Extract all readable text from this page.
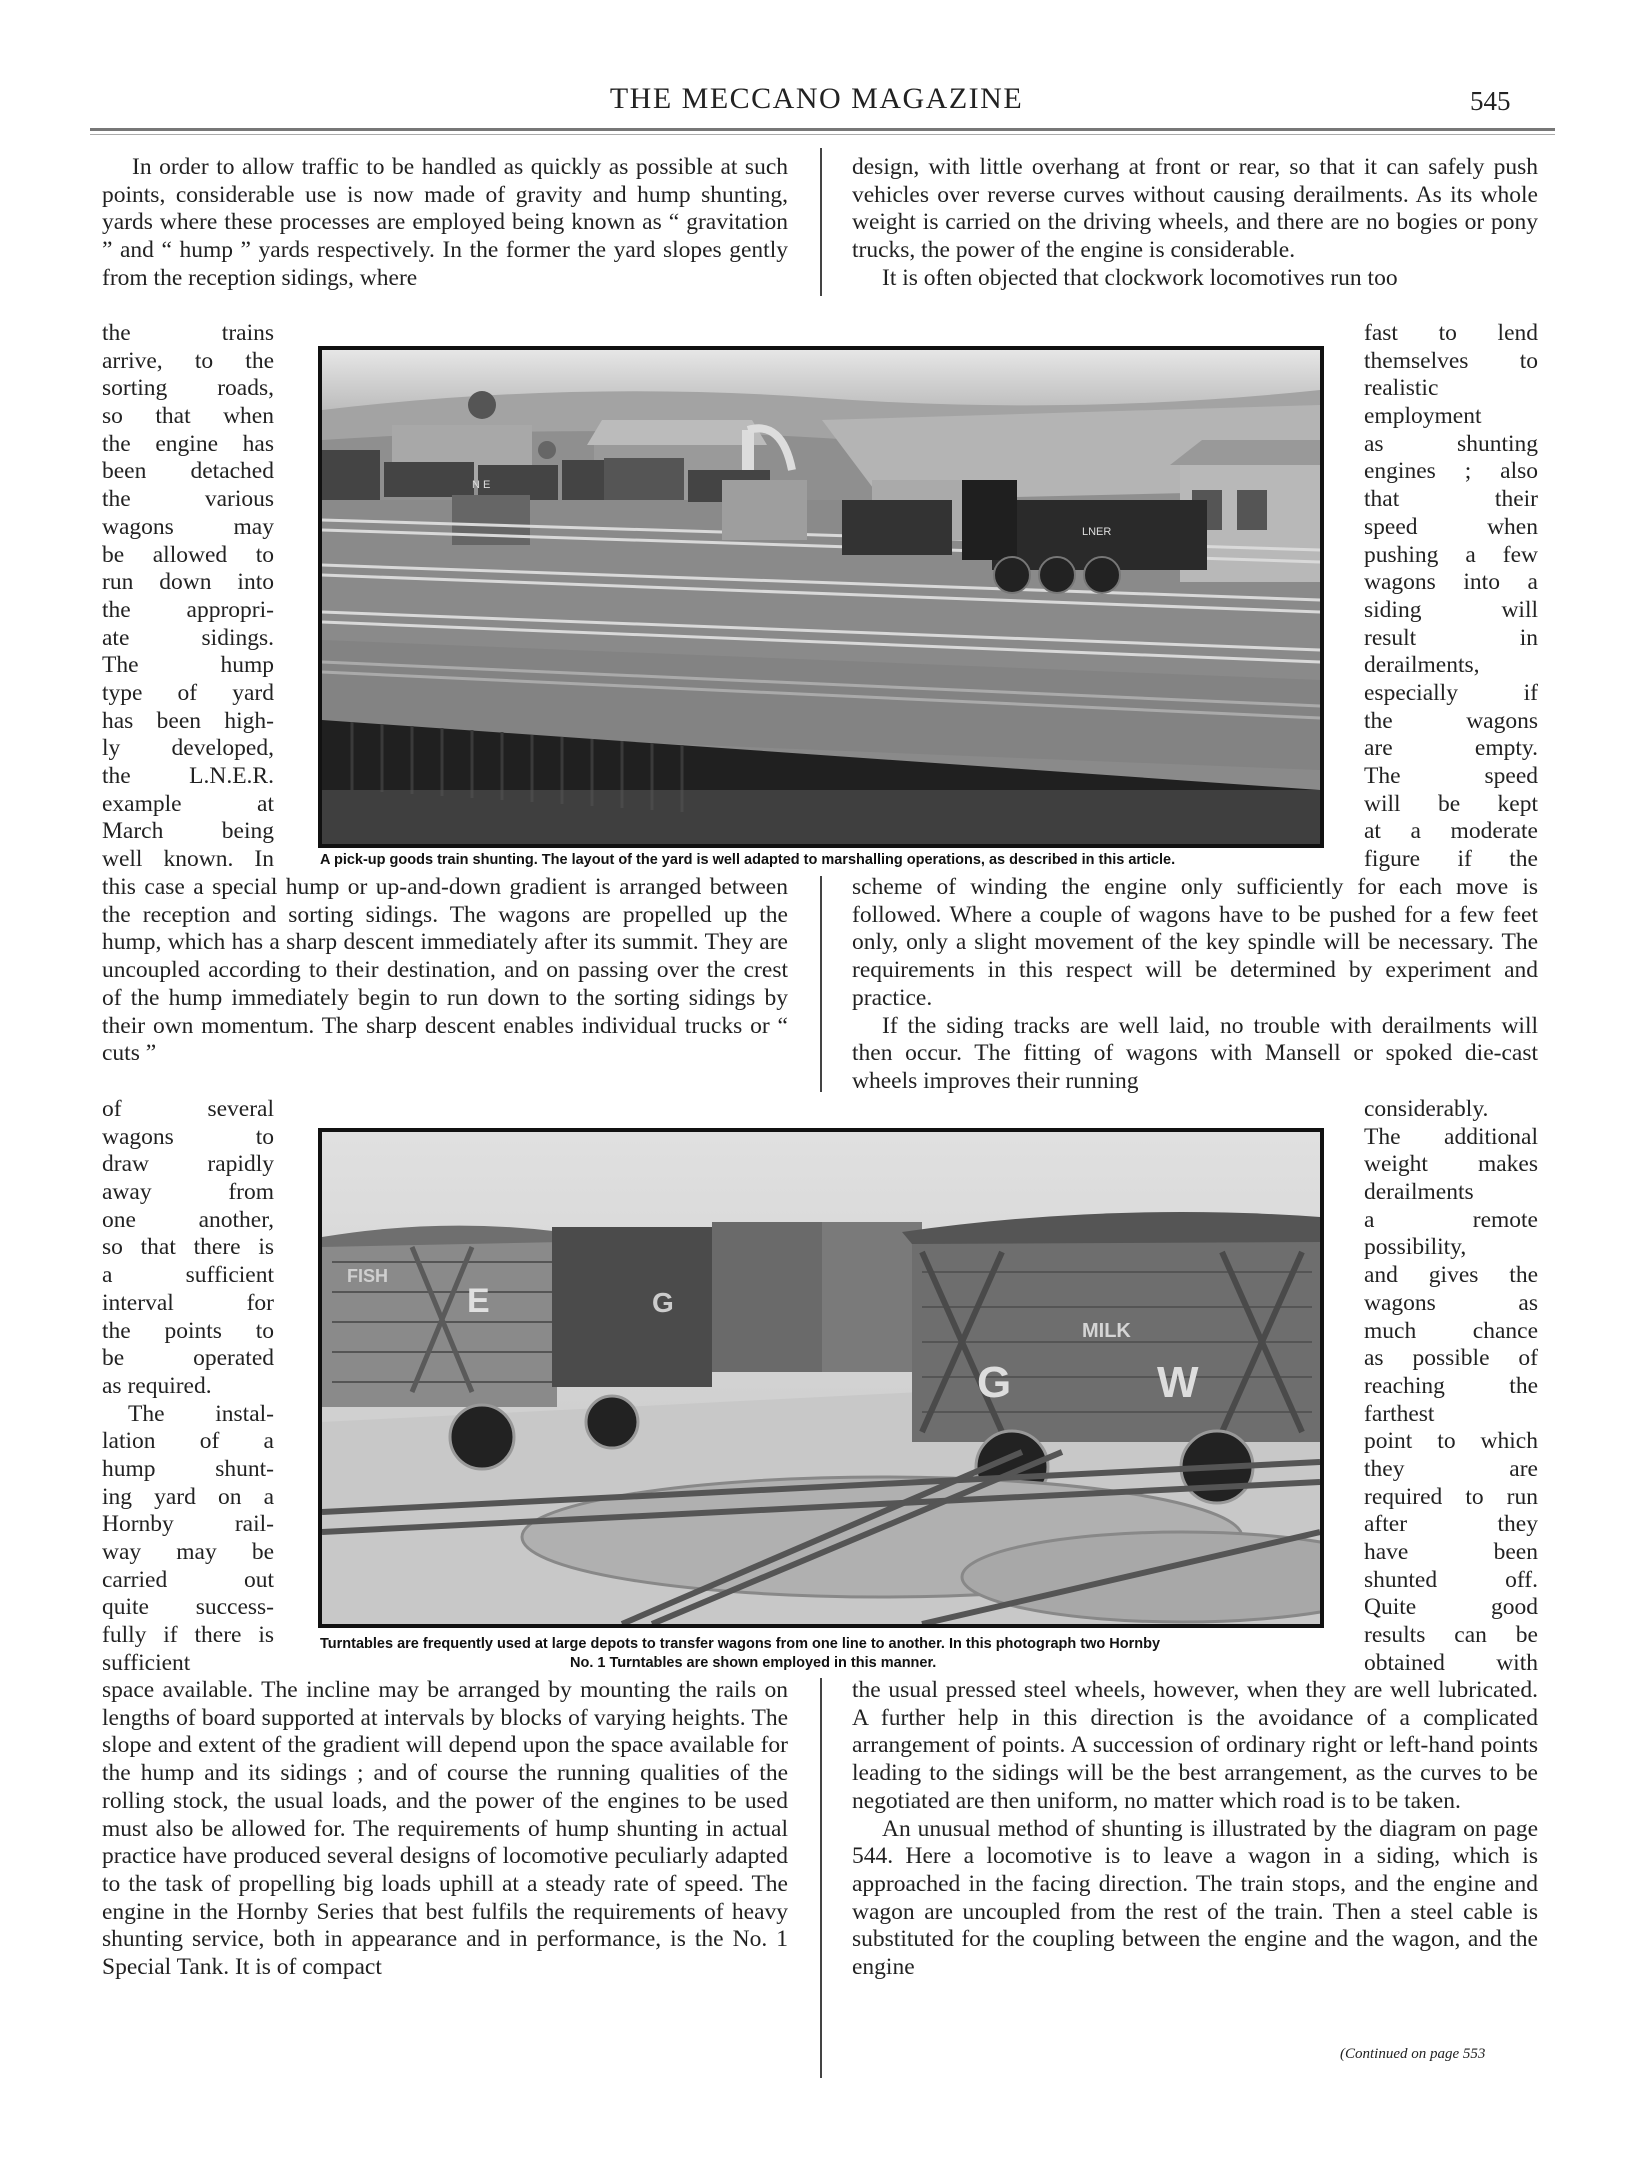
THE MECCANO MAGAZINE	545

In order to allow traffic to be handled as quickly as possible at such points, considerable use is now made of gravity and hump shunting, yards where these processes are employed being known as “ gravitation ” and “ hump ” yards respectively. In the former the yard slopes gently from the reception sidings, where

the trains
arrive, to the
sorting roads,
so that when
the engine has
been detached
the various
wagons may
be allowed to
run down into
the appropri-
ate sidings.
The hump
type of yard
has been high-
ly developed,
the L.N.E.R.
example at
March being
well known. In

this case a special hump or up-and-down gradient is arranged between the reception and sorting sidings. The wagons are propelled up the hump, which has a sharp descent immediately after its summit. They are uncoupled according to their destination, and on passing over the crest of the hump immediately begin to run down to the sorting sidings by their own momentum. The sharp descent enables individual trucks or “ cuts ”

of several
wagons to
draw rapidly
away from
one another,
so that there is
a sufficient
interval for
the points to
be operated
as required.
The instal-
lation of a
hump shunt-
ing yard on a
Hornby rail-
way may be
carried out
quite success-
fully if there is
sufficient

space available. The incline may be arranged by mounting the rails on lengths of board supported at intervals by blocks of varying heights. The slope and extent of the gradient will depend upon the space available for the hump and its sidings ; and of course the running qualities of the rolling stock, the usual loads, and the power of the engines to be used must also be allowed for. The requirements of hump shunting in actual practice have produced several designs of locomotive peculiarly adapted to the task of propelling big loads uphill at a steady rate of speed. The engine in the Hornby Series that best fulfils the requirements of heavy shunting service, both in appearance and in performance, is the No. 1 Special Tank. It is of compact

design, with little overhang at front or rear, so that it can safely push vehicles over reverse curves without causing derailments. As its whole weight is carried on the driving wheels, and there are no bogies or pony trucks, the power of the engine is considerable.

It is often objected that clockwork locomotives run too

fast to lend
themselves to
realistic
employment
as shunting
engines ; also
that their
speed when
pushing a few
wagons into a
siding will
result in
derailments,
especially if
the wagons
are empty.
The speed
will be kept
at a moderate
figure if the

scheme of winding the engine only sufficiently for each move is followed. Where a couple of wagons have to be pushed for a few feet only, only a slight movement of the key spindle will be necessary. The requirements in this respect will be determined by experiment and practice.

If the siding tracks are well laid, no trouble with derailments will then occur. The fitting of wagons with Mansell or spoked die-cast wheels improves their running

considerably.
The additional
weight makes
derailments
a remote
possibility,
and gives the
wagons as
much chance
as possible of
reaching the
farthest
point to which
they are
required to run
after they
have been
shunted off.
Quite good
results can be
obtained with

the usual pressed steel wheels, however, when they are well lubricated. A further help in this direction is the avoidance of a complicated arrangement of points. A succession of ordinary right or left-hand points leading to the sidings will be the best arrangement, as the curves to be negotiated are then uniform, no matter which road is to be taken.

An unusual method of shunting is illustrated by the diagram on page 544. Here a locomotive is to leave a wagon in a siding, which is approached in the facing direction. The train stops, and the engine and wagon are uncoupled from the rest of the train. Then a steel cable is substituted for the coupling between the engine and the wagon, and the engine

(Continued on page 553
N E
LNER
A pick-up goods train shunting. The layout of the yard is well adapted to marshalling operations, as described in this article.
FISH
E	G
MILK
G	W
Turntables are frequently used at large depots to transfer wagons from one line to another. In this photograph two Hornby
No. 1 Turntables are shown employed in this manner.
